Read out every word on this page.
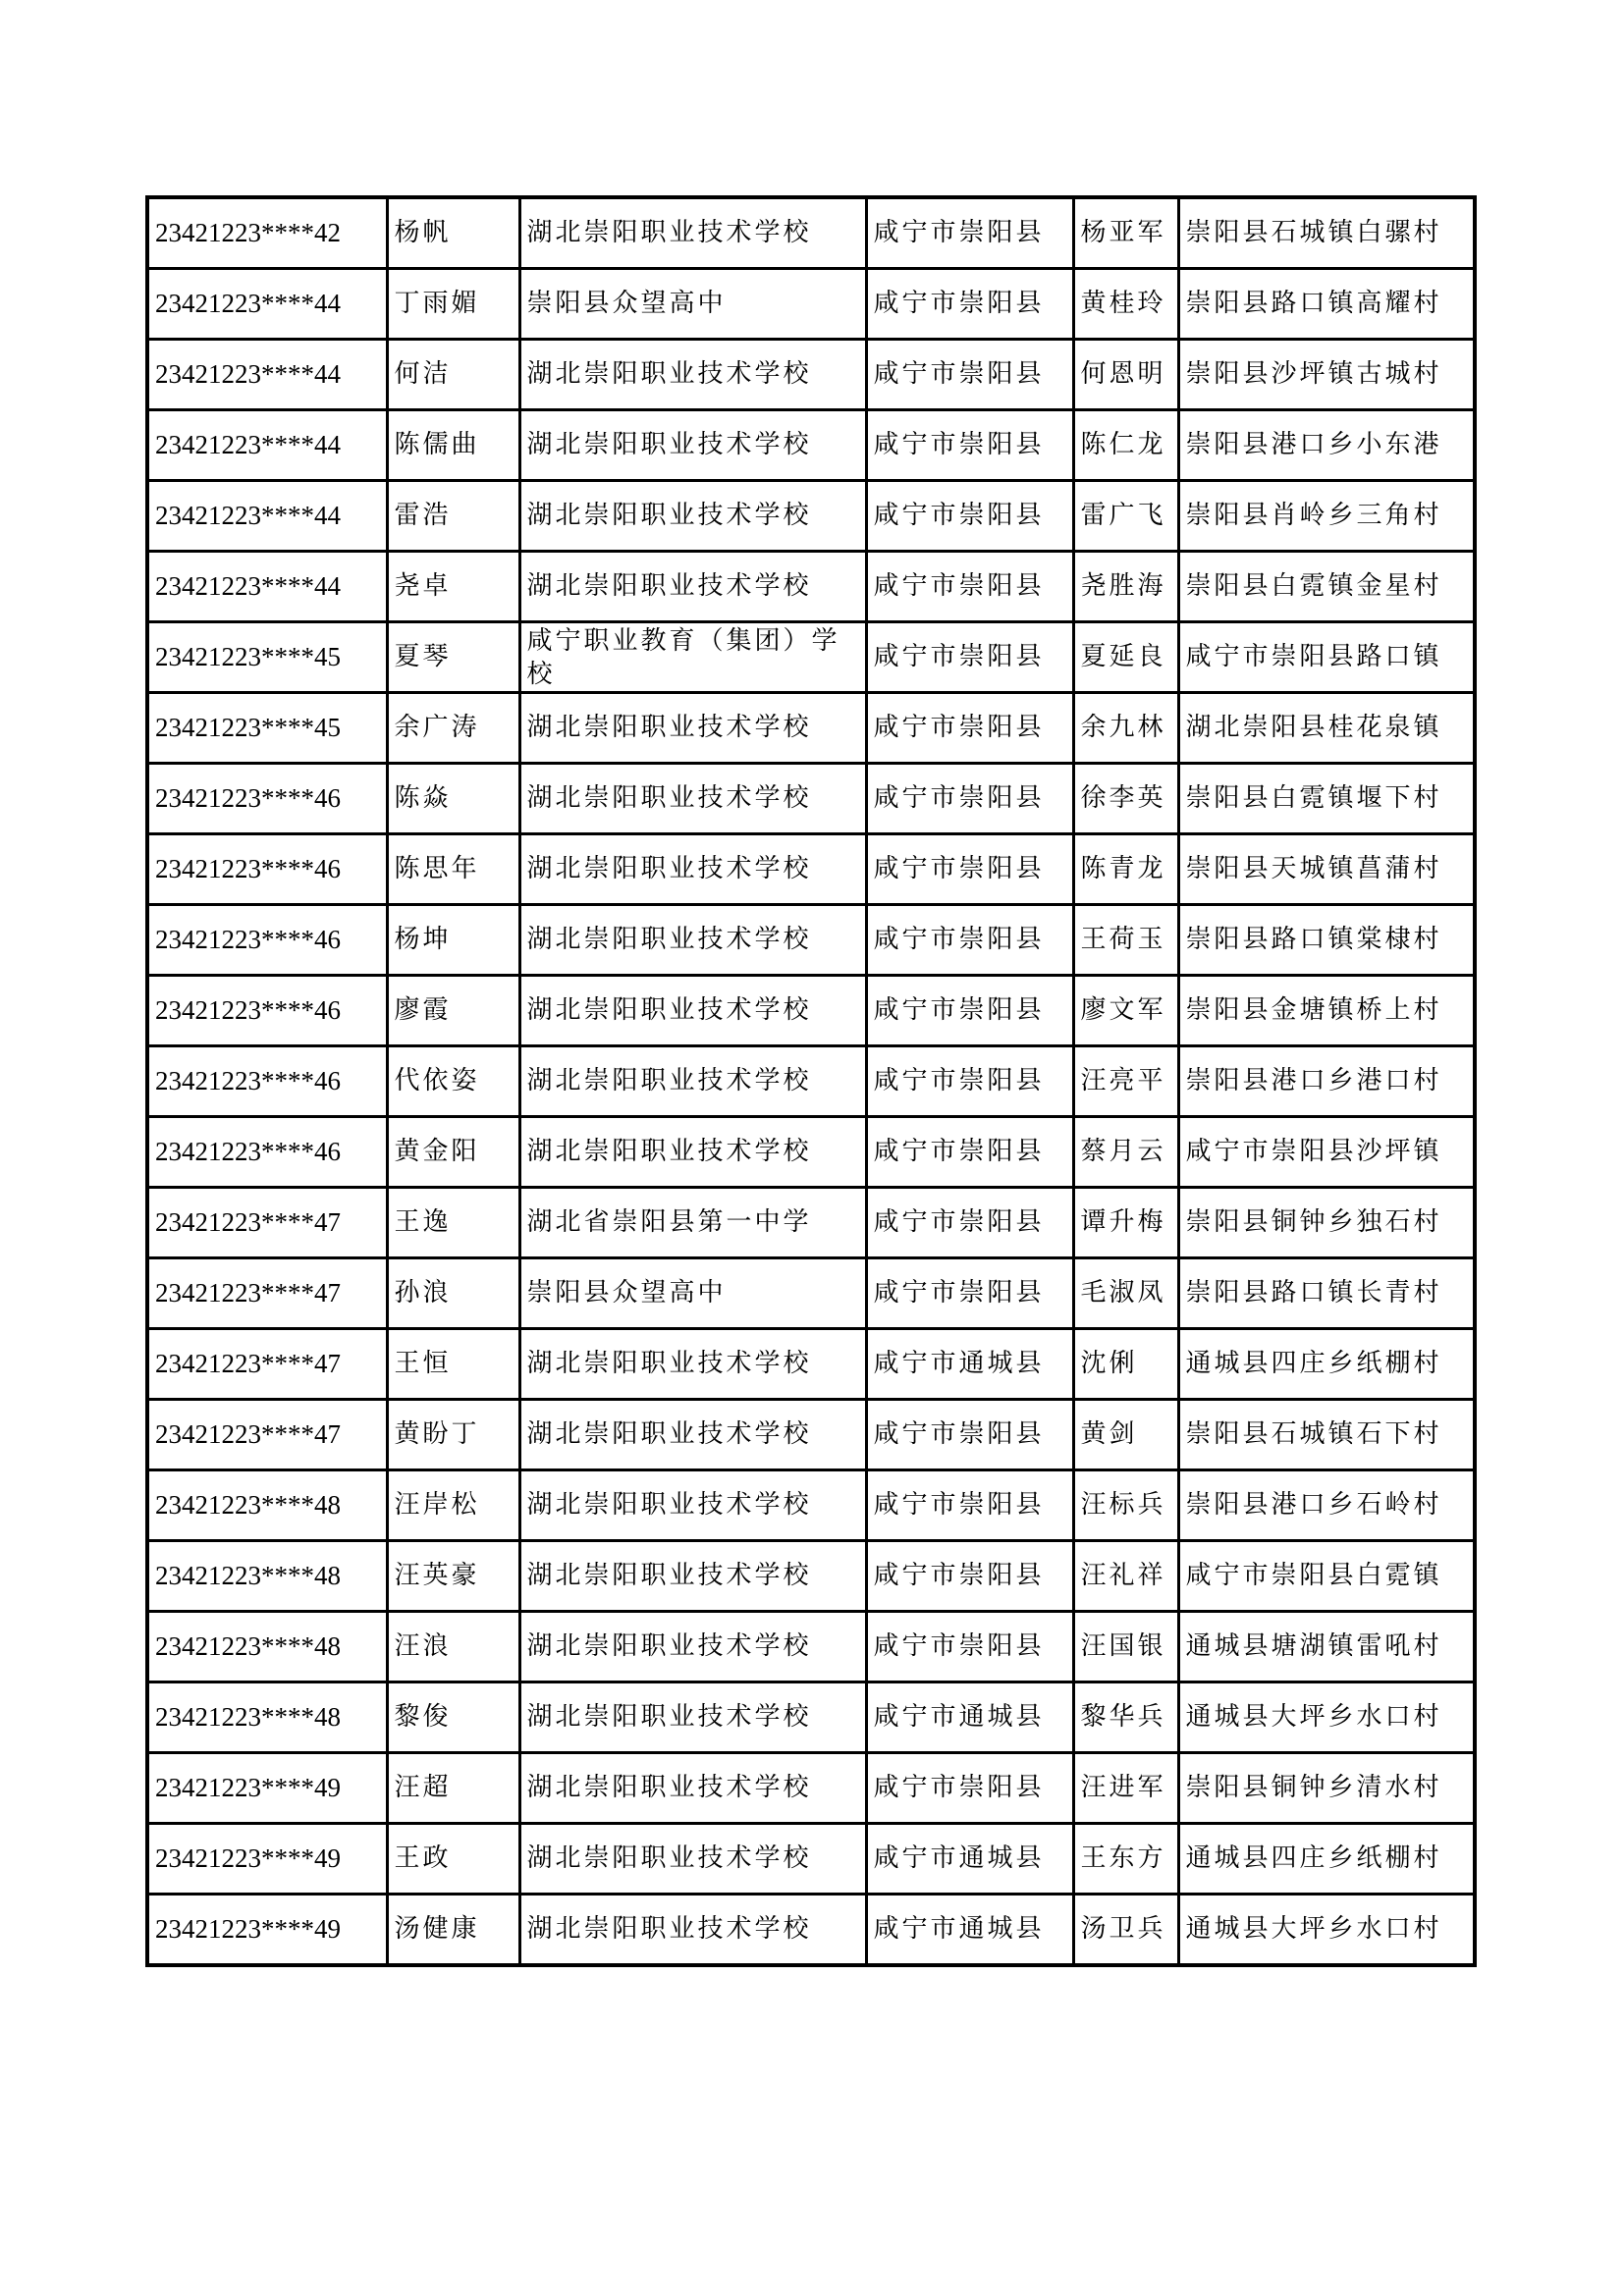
23421223****42	杨帆	湖北崇阳职业技术学校	咸宁市崇阳县	杨亚军	崇阳县石城镇白骡村
23421223****44	丁雨媚	崇阳县众望高中	咸宁市崇阳县	黄桂玲	崇阳县路口镇高耀村
23421223****44	何洁	湖北崇阳职业技术学校	咸宁市崇阳县	何恩明	崇阳县沙坪镇古城村
23421223****44	陈儒曲	湖北崇阳职业技术学校	咸宁市崇阳县	陈仁龙	崇阳县港口乡小东港
23421223****44	雷浩	湖北崇阳职业技术学校	咸宁市崇阳县	雷广飞	崇阳县肖岭乡三角村
23421223****44	尧卓	湖北崇阳职业技术学校	咸宁市崇阳县	尧胜海	崇阳县白霓镇金星村
23421223****45	夏琴	咸宁职业教育（集团）学校	咸宁市崇阳县	夏延良	咸宁市崇阳县路口镇
23421223****45	余广涛	湖北崇阳职业技术学校	咸宁市崇阳县	余九林	湖北崇阳县桂花泉镇
23421223****46	陈焱	湖北崇阳职业技术学校	咸宁市崇阳县	徐李英	崇阳县白霓镇堰下村
23421223****46	陈思年	湖北崇阳职业技术学校	咸宁市崇阳县	陈青龙	崇阳县天城镇菖蒲村
23421223****46	杨坤	湖北崇阳职业技术学校	咸宁市崇阳县	王荷玉	崇阳县路口镇棠棣村
23421223****46	廖霞	湖北崇阳职业技术学校	咸宁市崇阳县	廖文军	崇阳县金塘镇桥上村
23421223****46	代依姿	湖北崇阳职业技术学校	咸宁市崇阳县	汪亮平	崇阳县港口乡港口村
23421223****46	黄金阳	湖北崇阳职业技术学校	咸宁市崇阳县	蔡月云	咸宁市崇阳县沙坪镇
23421223****47	王逸	湖北省崇阳县第一中学	咸宁市崇阳县	谭升梅	崇阳县铜钟乡独石村
23421223****47	孙浪	崇阳县众望高中	咸宁市崇阳县	毛淑凤	崇阳县路口镇长青村
23421223****47	王恒	湖北崇阳职业技术学校	咸宁市通城县	沈俐	通城县四庄乡纸棚村
23421223****47	黄盼丁	湖北崇阳职业技术学校	咸宁市崇阳县	黄剑	崇阳县石城镇石下村
23421223****48	汪岸松	湖北崇阳职业技术学校	咸宁市崇阳县	汪标兵	崇阳县港口乡石岭村
23421223****48	汪英豪	湖北崇阳职业技术学校	咸宁市崇阳县	汪礼祥	咸宁市崇阳县白霓镇
23421223****48	汪浪	湖北崇阳职业技术学校	咸宁市崇阳县	汪国银	通城县塘湖镇雷吼村
23421223****48	黎俊	湖北崇阳职业技术学校	咸宁市通城县	黎华兵	通城县大坪乡水口村
23421223****49	汪超	湖北崇阳职业技术学校	咸宁市崇阳县	汪进军	崇阳县铜钟乡清水村
23421223****49	王政	湖北崇阳职业技术学校	咸宁市通城县	王东方	通城县四庄乡纸棚村
23421223****49	汤健康	湖北崇阳职业技术学校	咸宁市通城县	汤卫兵	通城县大坪乡水口村
